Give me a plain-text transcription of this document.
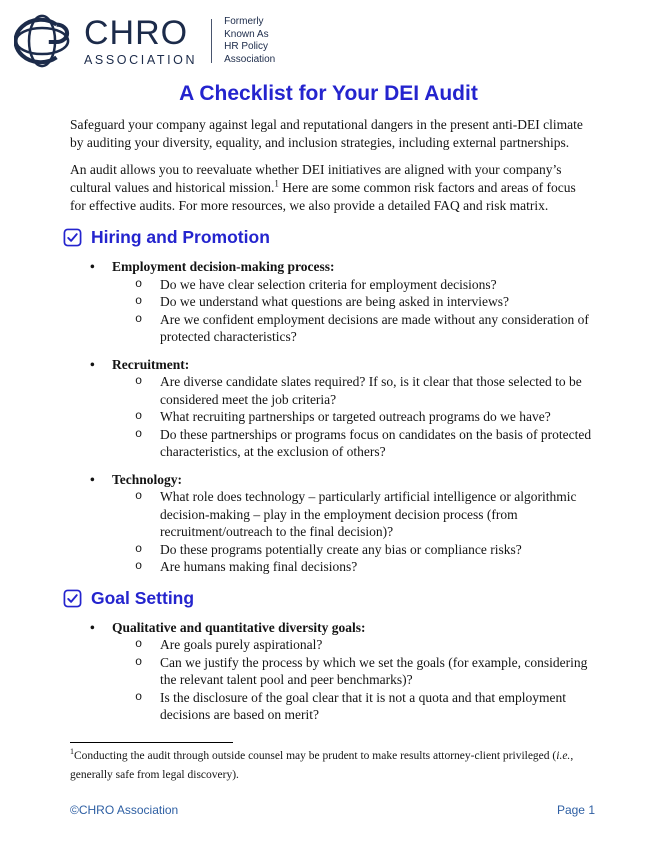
CHRO
ASSOCIATION
Formerly
Known As
HR Policy
Association
A Checklist for Your DEI Audit

Safeguard your company against legal and reputational dangers in the present anti-DEI climate by auditing your diversity, equality, and inclusion strategies, including external partnerships.

An audit allows you to reevaluate whether DEI initiatives are aligned with your company’s cultural values and historical mission.$^1$ Here are some common risk factors and areas of focus for effective audits. For more resources, we also provide a detailed FAQ and risk matrix.

Hiring and Promotion
•	Employment decision-making process:
o	Do we have clear selection criteria for employment decisions?
o	Do we understand what questions are being asked in interviews?
o	Are we confident employment decisions are made without any consideration of protected characteristics?
•	Recruitment:
o	Are diverse candidate slates required? If so, is it clear that those selected to be considered meet the job criteria?
o	What recruiting partnerships or targeted outreach programs do we have?
o	Do these partnerships or programs focus on candidates on the basis of protected characteristics, at the exclusion of others?
•	Technology:
o	What role does technology – particularly artificial intelligence or algorithmic decision-making – play in the employment decision process (from recruitment/outreach to the final decision)?
o	Do these programs potentially create any bias or compliance risks?
o	Are humans making final decisions?
Goal Setting
•	Qualitative and quantitative diversity goals:
o	Are goals purely aspirational?
o	Can we justify the process by which we set the goals (for example, considering the relevant talent pool and peer benchmarks)?
o	Is the disclosure of the goal clear that it is not a quota and that employment decisions are based on merit?
$^1$Conducting the audit through outside counsel may be prudent to make results attorney-client privileged (i.e., generally safe from legal discovery).
©CHRO Association	Page 1
